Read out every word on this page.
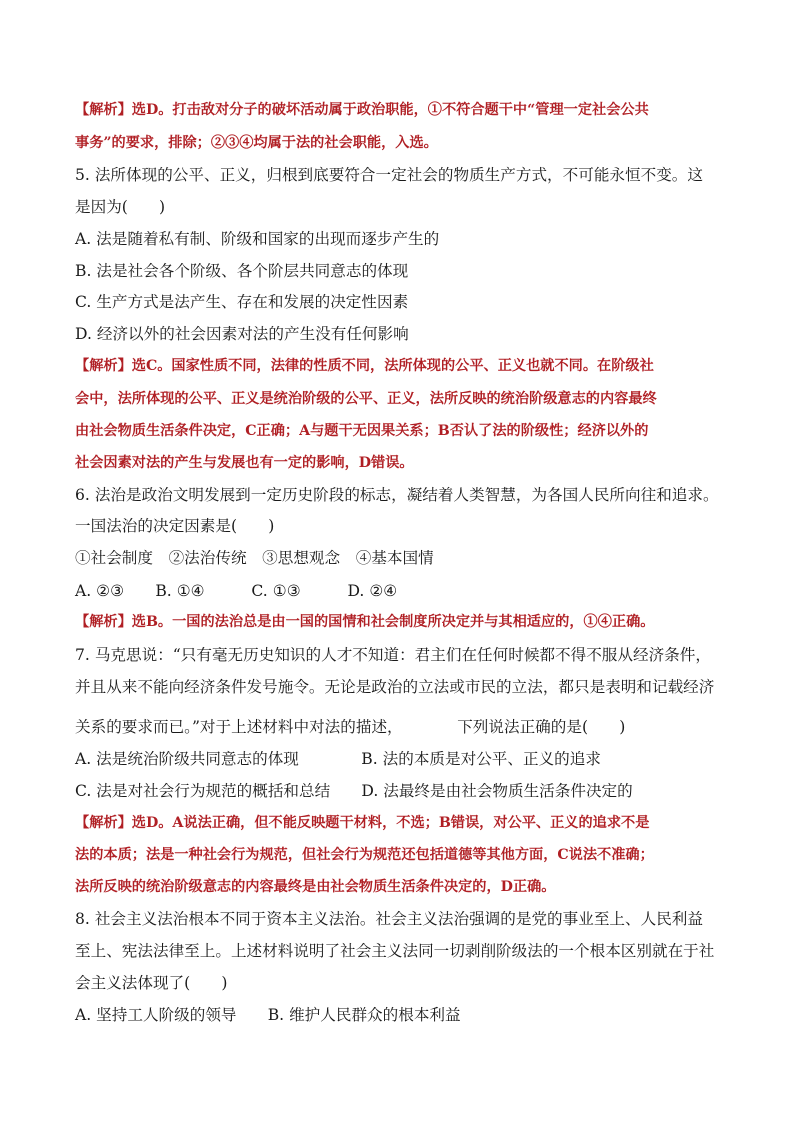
【解析】选D。打击敌对分子的破坏活动属于政治职能，①不符合题干中“管理一定社会公共
事务”的要求，排除；②③④均属于法的社会职能，入选。
5. 法所体现的公平、正义，归根到底要符合一定社会的物质生产方式，不可能永恒不变。这
是因为(　　)
A. 法是随着私有制、阶级和国家的出现而逐步产生的
B. 法是社会各个阶级、各个阶层共同意志的体现
C. 生产方式是法产生、存在和发展的决定性因素
D. 经济以外的社会因素对法的产生没有任何影响
【解析】选C。国家性质不同，法律的性质不同，法所体现的公平、正义也就不同。在阶级社
会中，法所体现的公平、正义是统治阶级的公平、正义，法所反映的统治阶级意志的内容最终
由社会物质生活条件决定，C正确；A与题干无因果关系；B否认了法的阶级性；经济以外的
社会因素对法的产生与发展也有一定的影响，D错误。
6. 法治是政治文明发展到一定历史阶段的标志，凝结着人类智慧，为各国人民所向往和追求。
一国法治的决定因素是(　　)
①社会制度　②法治传统　③思想观念　④基本国情
A. ②③　　B. ①④　　　C. ①③　　　D. ②④
【解析】选B。一国的法治总是由一国的国情和社会制度所决定并与其相适应的，①④正确。
7. 马克思说：“只有毫无历史知识的人才不知道：君主们在任何时候都不得不服从经济条件，
并且从来不能向经济条件发号施令。无论是政治的立法或市民的立法，都只是表明和记载经济
关系的要求而已。”对于上述材料中对法的描述，　　　　下列说法正确的是(　　)
A. 法是统治阶级共同意志的体现　　　　B. 法的本质是对公平、正义的追求
C. 法是对社会行为规范的概括和总结　　D. 法最终是由社会物质生活条件决定的
【解析】选D。A说法正确，但不能反映题干材料，不选；B错误，对公平、正义的追求不是
法的本质；法是一种社会行为规范，但社会行为规范还包括道德等其他方面，C说法不准确；
法所反映的统治阶级意志的内容最终是由社会物质生活条件决定的，D正确。
8. 社会主义法治根本不同于资本主义法治。社会主义法治强调的是党的事业至上、人民利益
至上、宪法法律至上。上述材料说明了社会主义法同一切剥削阶级法的一个根本区别就在于社
会主义法体现了(　　)
A. 坚持工人阶级的领导　　B. 维护人民群众的根本利益
